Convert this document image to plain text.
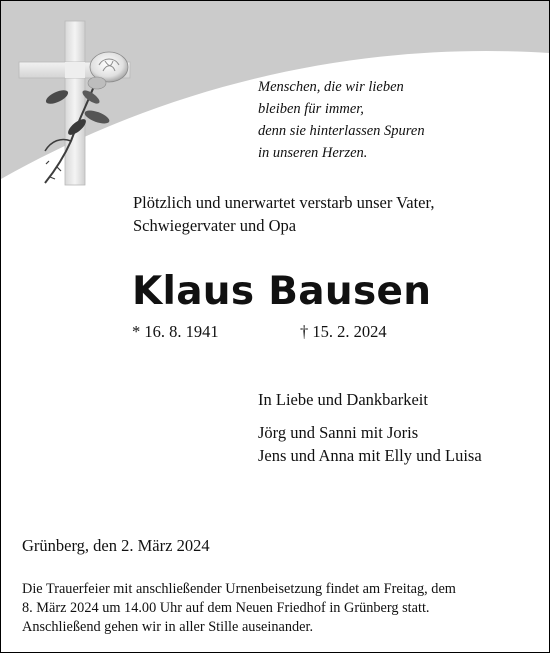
Menschen, die wir lieben
bleiben für immer,
denn sie hinterlassen Spuren
in unseren Herzen.
Plötzlich und unerwartet verstarb unser Vater,
Schwiegervater und Opa
Klaus Bausen
* 16. 8. 1941	† 15. 2. 2024
In Liebe und Dankbarkeit
Jörg und Sanni mit Joris
Jens und Anna mit Elly und Luisa
Grünberg, den 2. März 2024
Die Trauerfeier mit anschließender Urnenbeisetzung findet am Freitag, dem
8. März 2024 um 14.00 Uhr auf dem Neuen Friedhof in Grünberg statt.
Anschließend gehen wir in aller Stille auseinander.
